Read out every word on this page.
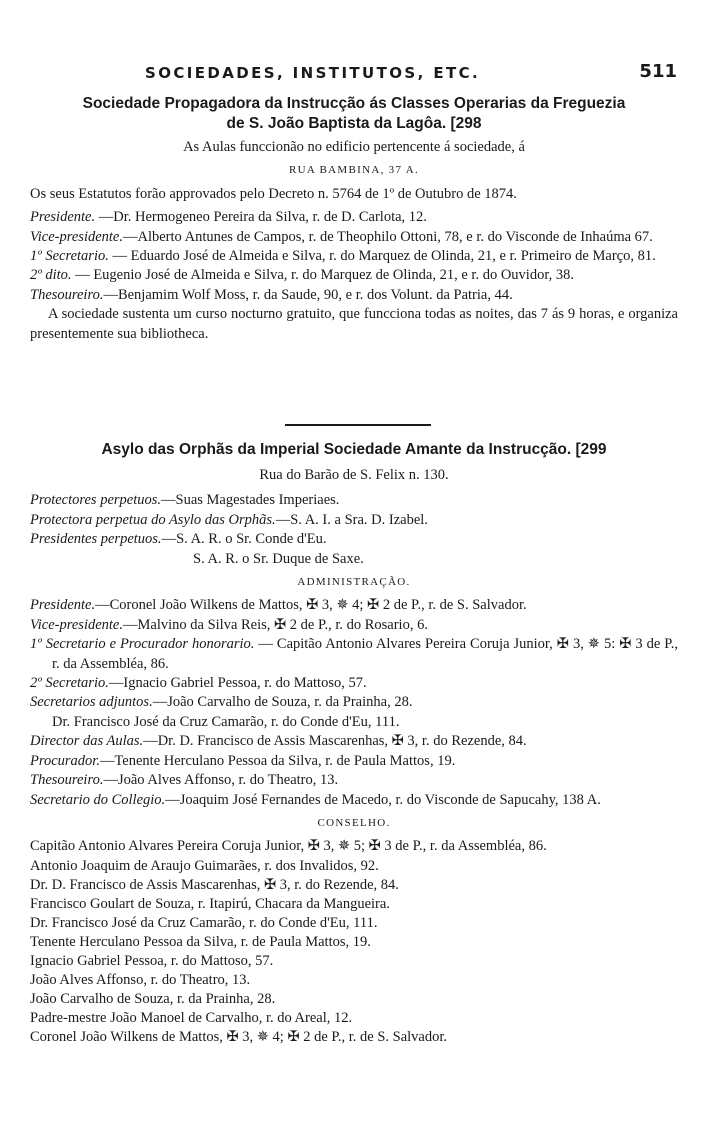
SOCIEDADES, INSTITUTOS, ETC.	511
Sociedade Propagadora da Instrucção ás Classes Operarias da Freguezia
de S. João Baptista da Lagôa. [298

As Aulas funccionão no edificio pertencente á sociedade, á

RUA BAMBINA, 37 A.

Os seus Estatutos forão approvados pelo Decreto n. 5764 de 1º de Outubro de 1874.

Presidente. —Dr. Hermogeneo Pereira da Silva, r. de D. Carlota, 12.

Vice-presidente.—Alberto Antunes de Campos, r. de Theophilo Ottoni, 78, e r. do Visconde de Inhaúma 67.

1º Secretario. — Eduardo José de Almeida e Silva, r. do Marquez de Olinda, 21, e r. Primeiro de Março, 81.

2º dito. — Eugenio José de Almeida e Silva, r. do Marquez de Olinda, 21, e r. do Ouvidor, 38.

Thesoureiro.—Benjamim Wolf Moss, r. da Saude, 90, e r. dos Volunt. da Patria, 44.

A sociedade sustenta um curso nocturno gratuito, que funcciona todas as noites, das 7 ás 9 horas, e organiza presentemente sua bibliotheca.

Asylo das Orphãs da Imperial Sociedade Amante da Instrucção. [299

Rua do Barão de S. Felix n. 130.

Protectores perpetuos.—Suas Magestades Imperiaes.

Protectora perpetua do Asylo das Orphãs.—S. A. I. a Sra. D. Izabel.

Presidentes perpetuos.—S. A. R. o Sr. Conde d'Eu.

S. A. R. o Sr. Duque de Saxe.

ADMINISTRAÇÃO.

Presidente.—Coronel João Wilkens de Mattos, ✠ 3, ✵ 4; ✠ 2 de P., r. de S. Salvador.

Vice-presidente.—Malvino da Silva Reis, ✠ 2 de P., r. do Rosario, 6.

1º Secretario e Procurador honorario. — Capitão Antonio Alvares Pereira Coruja Junior, ✠ 3, ✵ 5: ✠ 3 de P., r. da Assembléa, 86.

2º Secretario.—Ignacio Gabriel Pessoa, r. do Mattoso, 57.

Secretarios adjuntos.—João Carvalho de Souza, r. da Prainha, 28.

Dr. Francisco José da Cruz Camarão, r. do Conde d'Eu, 111.

Director das Aulas.—Dr. D. Francisco de Assis Mascarenhas, ✠ 3, r. do Rezende, 84.

Procurador.—Tenente Herculano Pessoa da Silva, r. de Paula Mattos, 19.

Thesoureiro.—João Alves Affonso, r. do Theatro, 13.

Secretario do Collegio.—Joaquim José Fernandes de Macedo, r. do Visconde de Sapucahy, 138 A.

CONSELHO.

Capitão Antonio Alvares Pereira Coruja Junior, ✠ 3, ✵ 5; ✠ 3 de P., r. da Assembléa, 86.

Antonio Joaquim de Araujo Guimarães, r. dos Invalidos, 92.

Dr. D. Francisco de Assis Mascarenhas, ✠ 3, r. do Rezende, 84.

Francisco Goulart de Souza, r. Itapirú, Chacara da Mangueira.

Dr. Francisco José da Cruz Camarão, r. do Conde d'Eu, 111.

Tenente Herculano Pessoa da Silva, r. de Paula Mattos, 19.

Ignacio Gabriel Pessoa, r. do Mattoso, 57.

João Alves Affonso, r. do Theatro, 13.

João Carvalho de Souza, r. da Prainha, 28.

Padre-mestre João Manoel de Carvalho, r. do Areal, 12.

Coronel João Wilkens de Mattos, ✠ 3, ✵ 4; ✠ 2 de P., r. de S. Salvador.
